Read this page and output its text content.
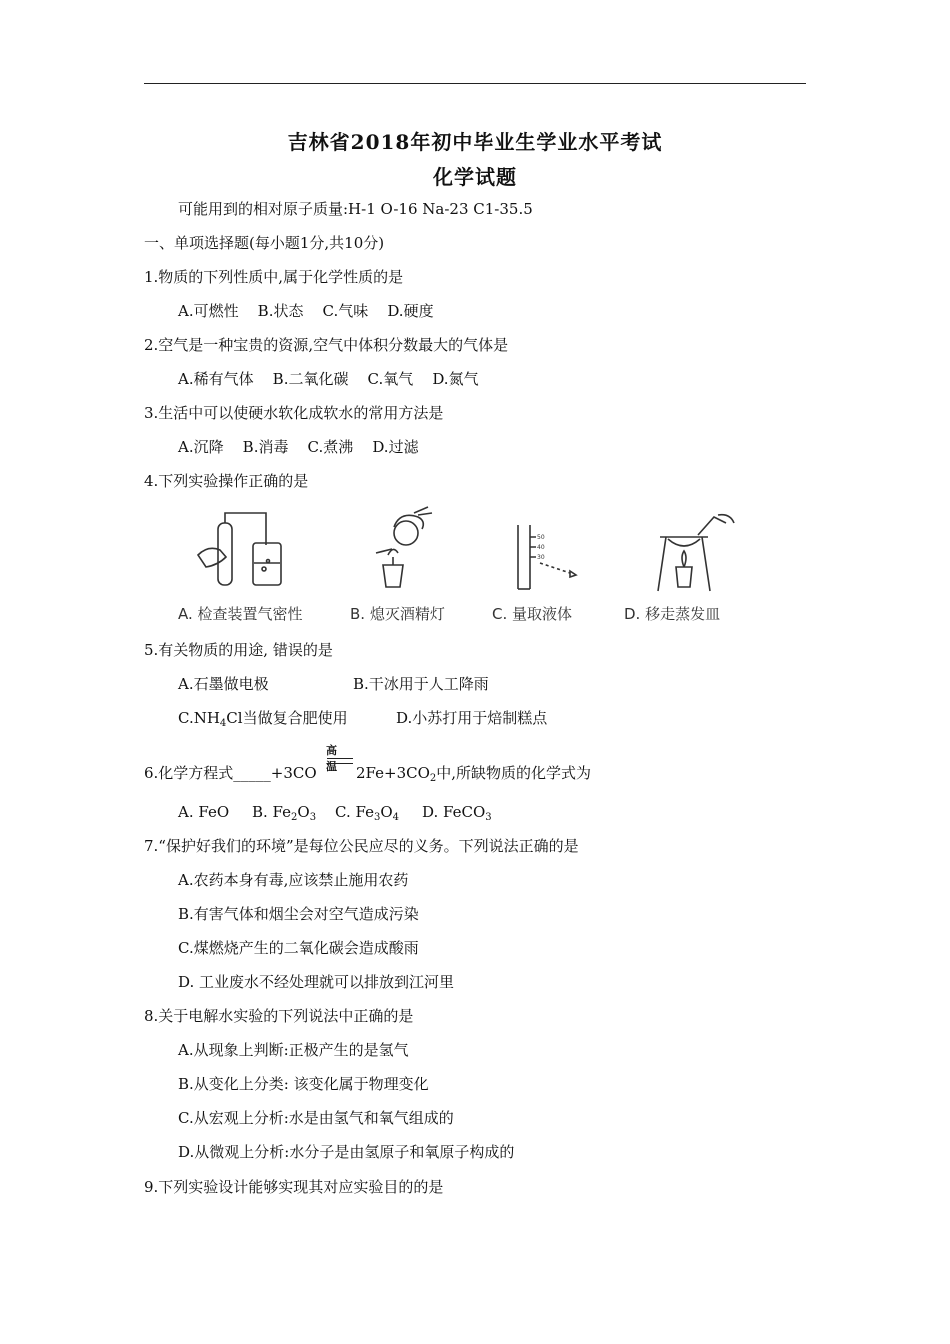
吉林省2018年初中毕业生学业水平考试
化学试题
可能用到的相对原子质量:H-1 O-16 Na-23 C1-35.5
一、单项选择题(每小题1分,共10分)
1.物质的下列性质中,属于化学性质的是
A.可燃性    B.状态    C.气味    D.硬度
2.空气是一种宝贵的资源,空气中体积分数最大的气体是
A.稀有气体    B.二氧化碳    C.氧气    D.氮气
3.生活中可以使硬水软化成软水的常用方法是
A.沉降    B.消毒    C.煮沸    D.过滤
4.下列实验操作正确的是
50
40
30
A. 检查装置气密性	B. 熄灭酒精灯	C. 量取液体	D. 移走蒸发皿
5.有关物质的用途, 错误的是
A.石墨做电极	B.干冰用于人工降雨
$C.NH_4Cl$当做复合肥使用	D.小苏打用于焙制糕点
6.化学方程式_____+3CO
高温 $2Fe+3CO_2$中,所缺物质的化学式为
A. FeO B. $Fe_2O_3$ C. $Fe_3O_4$ D. FeCO$_3$
7.“保护好我们的环境”是每位公民应尽的义务。下列说法正确的是
A.农药本身有毒,应该禁止施用农药
B.有害气体和烟尘会对空气造成污染
C.煤燃烧产生的二氧化碳会造成酸雨
D. 工业废水不经处理就可以排放到江河里
8.关于电解水实验的下列说法中正确的是
A.从现象上判断:正极产生的是氢气
B.从变化上分类: 该变化属于物理变化
C.从宏观上分析:水是由氢气和氧气组成的
D.从微观上分析:水分子是由氢原子和氧原子构成的
9.下列实验设计能够实现其对应实验目的的是
